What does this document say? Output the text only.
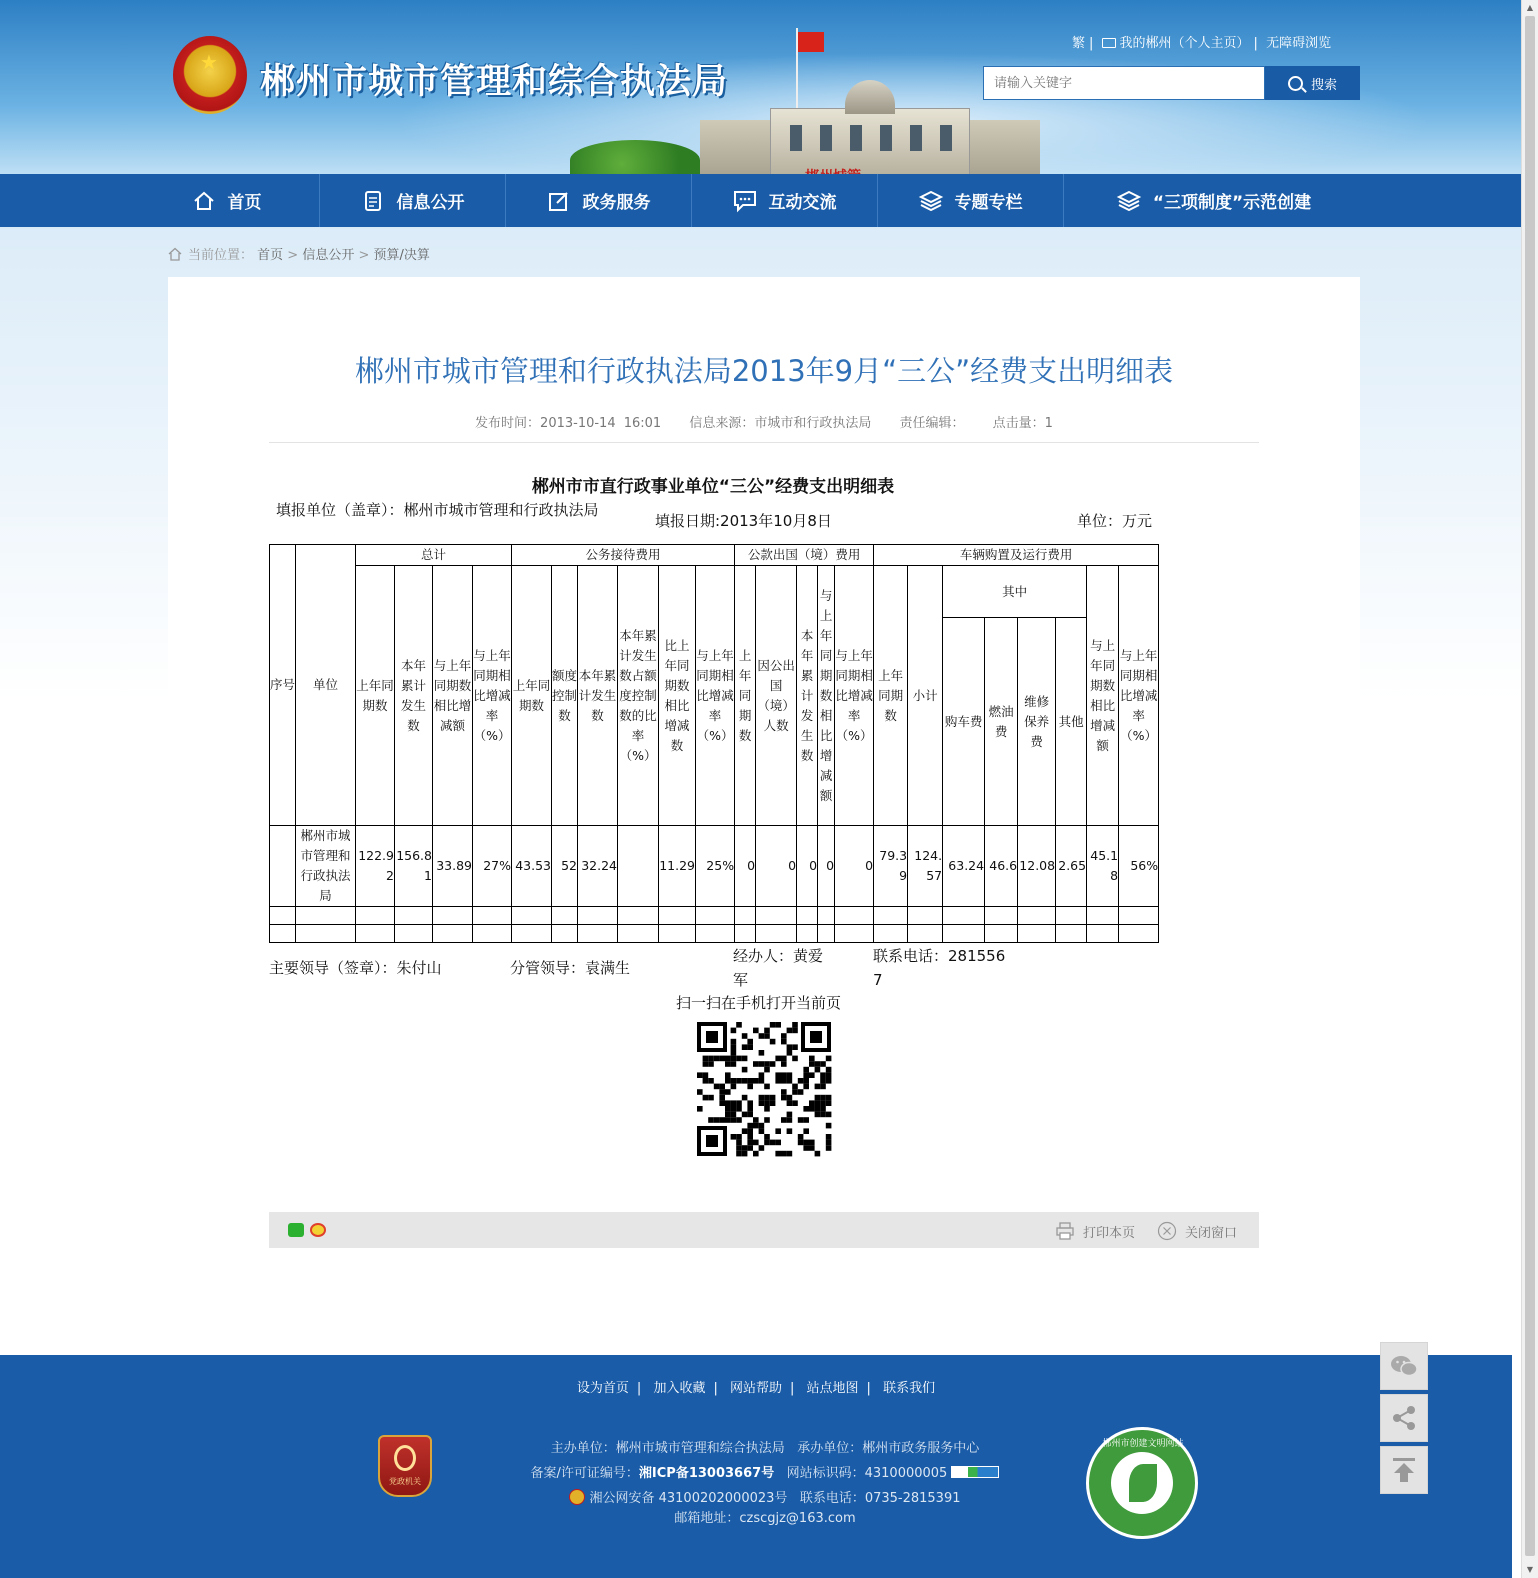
★ 郴州市城市管理和综合执法局
繁 | 我的郴州（个人主页） | 无障碍浏览
请输入关键字
搜索
首页	信息公开	政务服务	互动交流	专题专栏	“三项制度”示范创建
当前位置： 首页 > 信息公开 > 预算/决算
郴州市城市管理和行政执法局2013年9月“三公”经费支出明细表
发布时间：2013-10-14 16:01 信息来源：市城市和行政执法局 责任编辑： 点击量：1
郴州市市直行政事业单位“三公”经费支出明细表
填报单位（盖章）：郴州市城市管理和行政执法局
填报日期:2013年10月8日	单位：万元
序号	单位	总计				公务接待费用						公款出国（境）费用					车辆购置及运行费用							
		上年同期数	本年累计发生数	与上年同期数相比增减额	与上年同期相比增减率（%）	上年同期数	额度控制数	本年累计发生数	本年累计发生数占额度控制数的比率（%）	比上年同期数相比增减数	与上年同期相比增减率（%）	上年同期数	因公出国（境）人数	本年累计发生数	与上年同期数相比增减额	与上年同期相比增减率（%）	上年同期数	小计	其中				与上年同期数相比增减额	与上年同期相比增减率（%）
																			购车费	燃油费	维修保养费	其他		

	郴州市城市管理和行政执法局	122.92	156.81	33.89	27%	43.53	52	32.24		11.29	25%	0	0	0	0	0	79.39	124.57	63.24	46.6	12.08	2.65	45.18	56%

主要领导（签章）：朱付山	分管领导：袁满生
经办人：黄爱军
联系电话：2815567
扫一扫在手机打开当前页
打印本页	关闭窗口
设为首页 | 加入收藏 | 网站帮助 | 站点地图 | 联系我们
党政机关
主办单位：郴州市城市管理和综合执法局 承办单位：郴州市政务服务中心
备案/许可证编号：湘ICP备13003667号 网站标识码：4310000005
湘公网安备 43100202000023号 联系电话：0735-2815391
邮箱地址：czscgjz@163.com
郴州市创建文明网站
▲
▼
